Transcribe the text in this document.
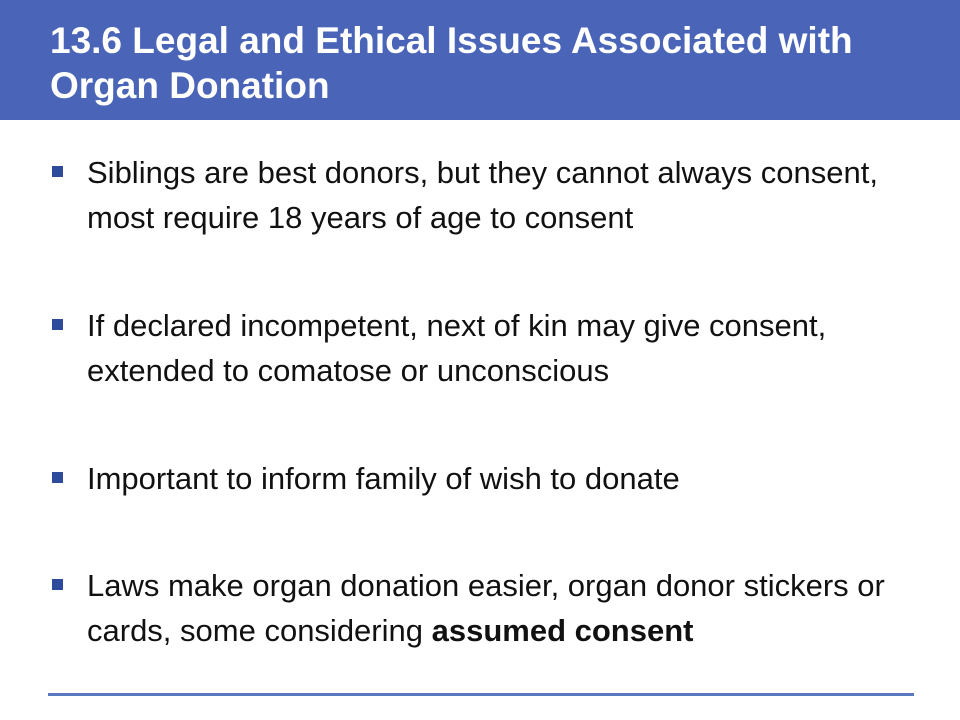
13.6 Legal and Ethical Issues Associated with Organ Donation
Siblings are best donors, but they cannot always consent, most require 18 years of age to consent
If declared incompetent, next of kin may give consent, extended to comatose or unconscious
Important to inform family of wish to donate
Laws make organ donation easier, organ donor stickers or cards, some considering assumed consent
